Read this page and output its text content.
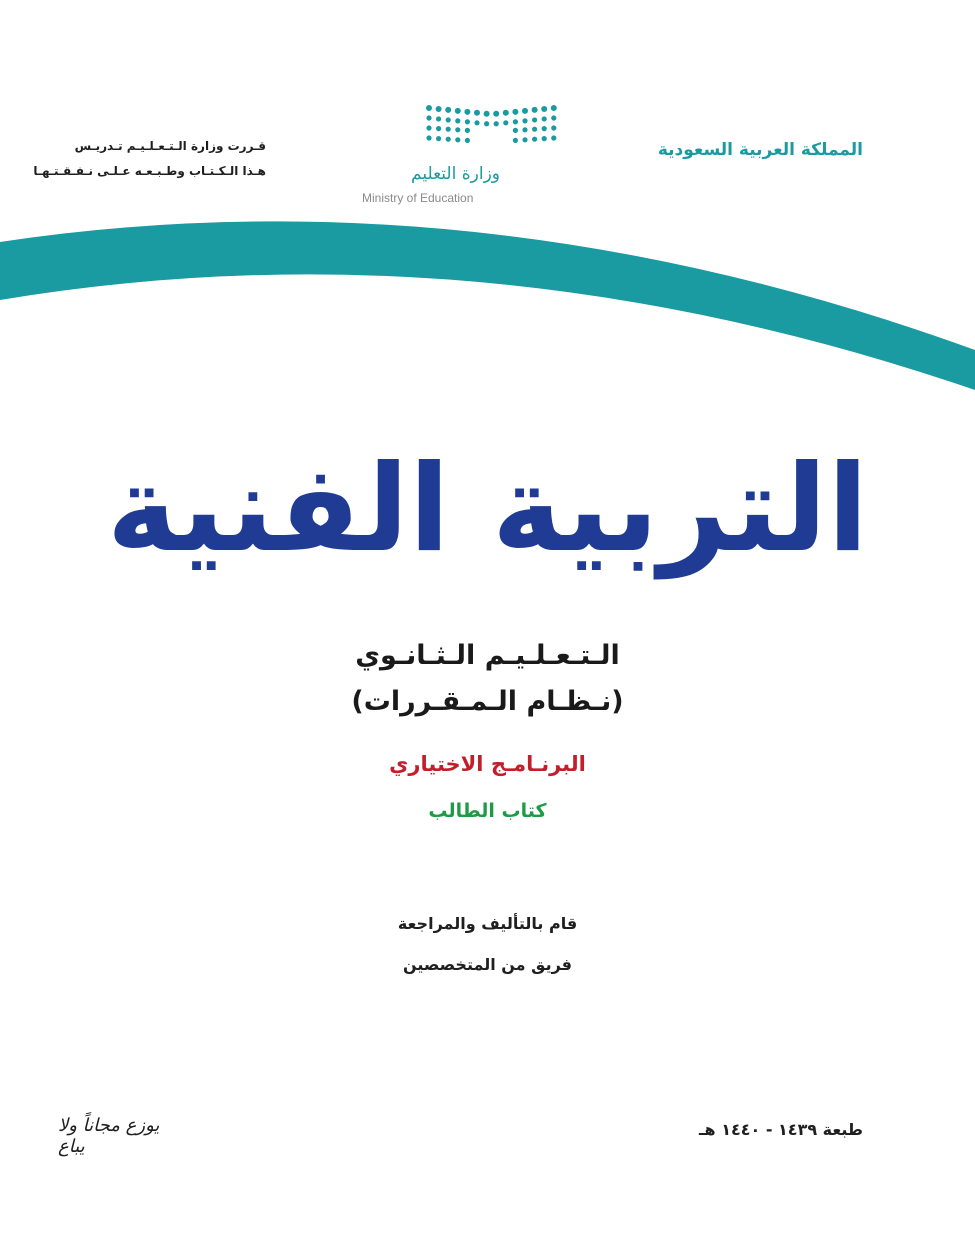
المملكة العربية السعودية
وزارة التعليم
Ministry of Education
قـررت وزارة الـتـعـلـيـم تـدريـس
هـذا الـكـتـاب وطـبـعـه عـلـى نـفـقـتـهـا
التربية الفنية
الـتـعـلـيـم الـثـانـوي
(نـظـام الـمـقـررات)
البرنـامـج الاختياري
كتاب الطالب
قام بالتأليف والمراجعة
فريق من المتخصصين
طبعة ١٤٣٩ - ١٤٤٠ هـ
يوزع مجاناً ولا يباع
